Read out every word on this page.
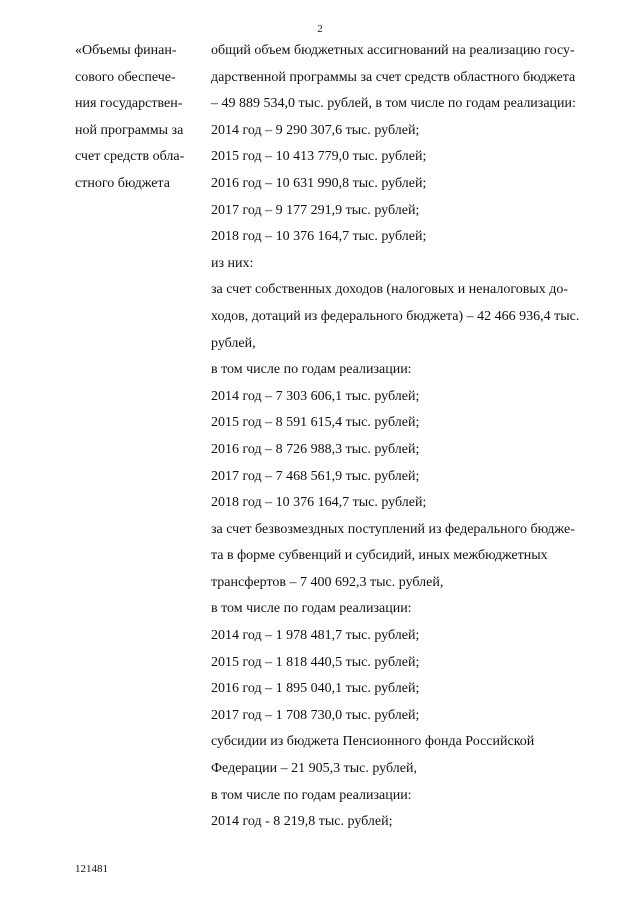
2
«Объемы финан-
сового обеспече-
ния государствен-
ной программы за
счет средств обла-
стного бюджета
общий объем бюджетных ассигнований на реализацию госу-
дарственной программы за счет средств областного бюджета
– 49 889 534,0 тыс. рублей, в том числе по годам реализации:
2014 год – 9 290 307,6 тыс. рублей;
2015 год – 10 413 779,0 тыс. рублей;
2016 год – 10 631 990,8 тыс. рублей;
2017 год – 9 177 291,9 тыс. рублей;
2018 год – 10 376 164,7 тыс. рублей;
из них:
за счет собственных доходов (налоговых и неналоговых до-
ходов, дотаций из федерального бюджета) – 42 466 936,4 тыс.
рублей,
в том числе по годам реализации:
2014 год – 7 303 606,1 тыс. рублей;
2015 год – 8 591 615,4 тыс. рублей;
2016 год – 8 726 988,3 тыс. рублей;
2017 год – 7 468 561,9 тыс. рублей;
2018 год – 10 376 164,7 тыс. рублей;
за счет безвозмездных поступлений из федерального бюдже-
та в форме субвенций и субсидий, иных межбюджетных
трансфертов – 7 400 692,3 тыс. рублей,
в том числе по годам реализации:
2014 год – 1 978 481,7 тыс. рублей;
2015 год – 1 818 440,5 тыс. рублей;
2016 год – 1 895 040,1 тыс. рублей;
2017 год – 1 708 730,0 тыс. рублей;
субсидии из бюджета Пенсионного фонда Российской
Федерации – 21 905,3 тыс. рублей,
в том числе по годам реализации:
2014 год - 8 219,8 тыс. рублей;
121481
